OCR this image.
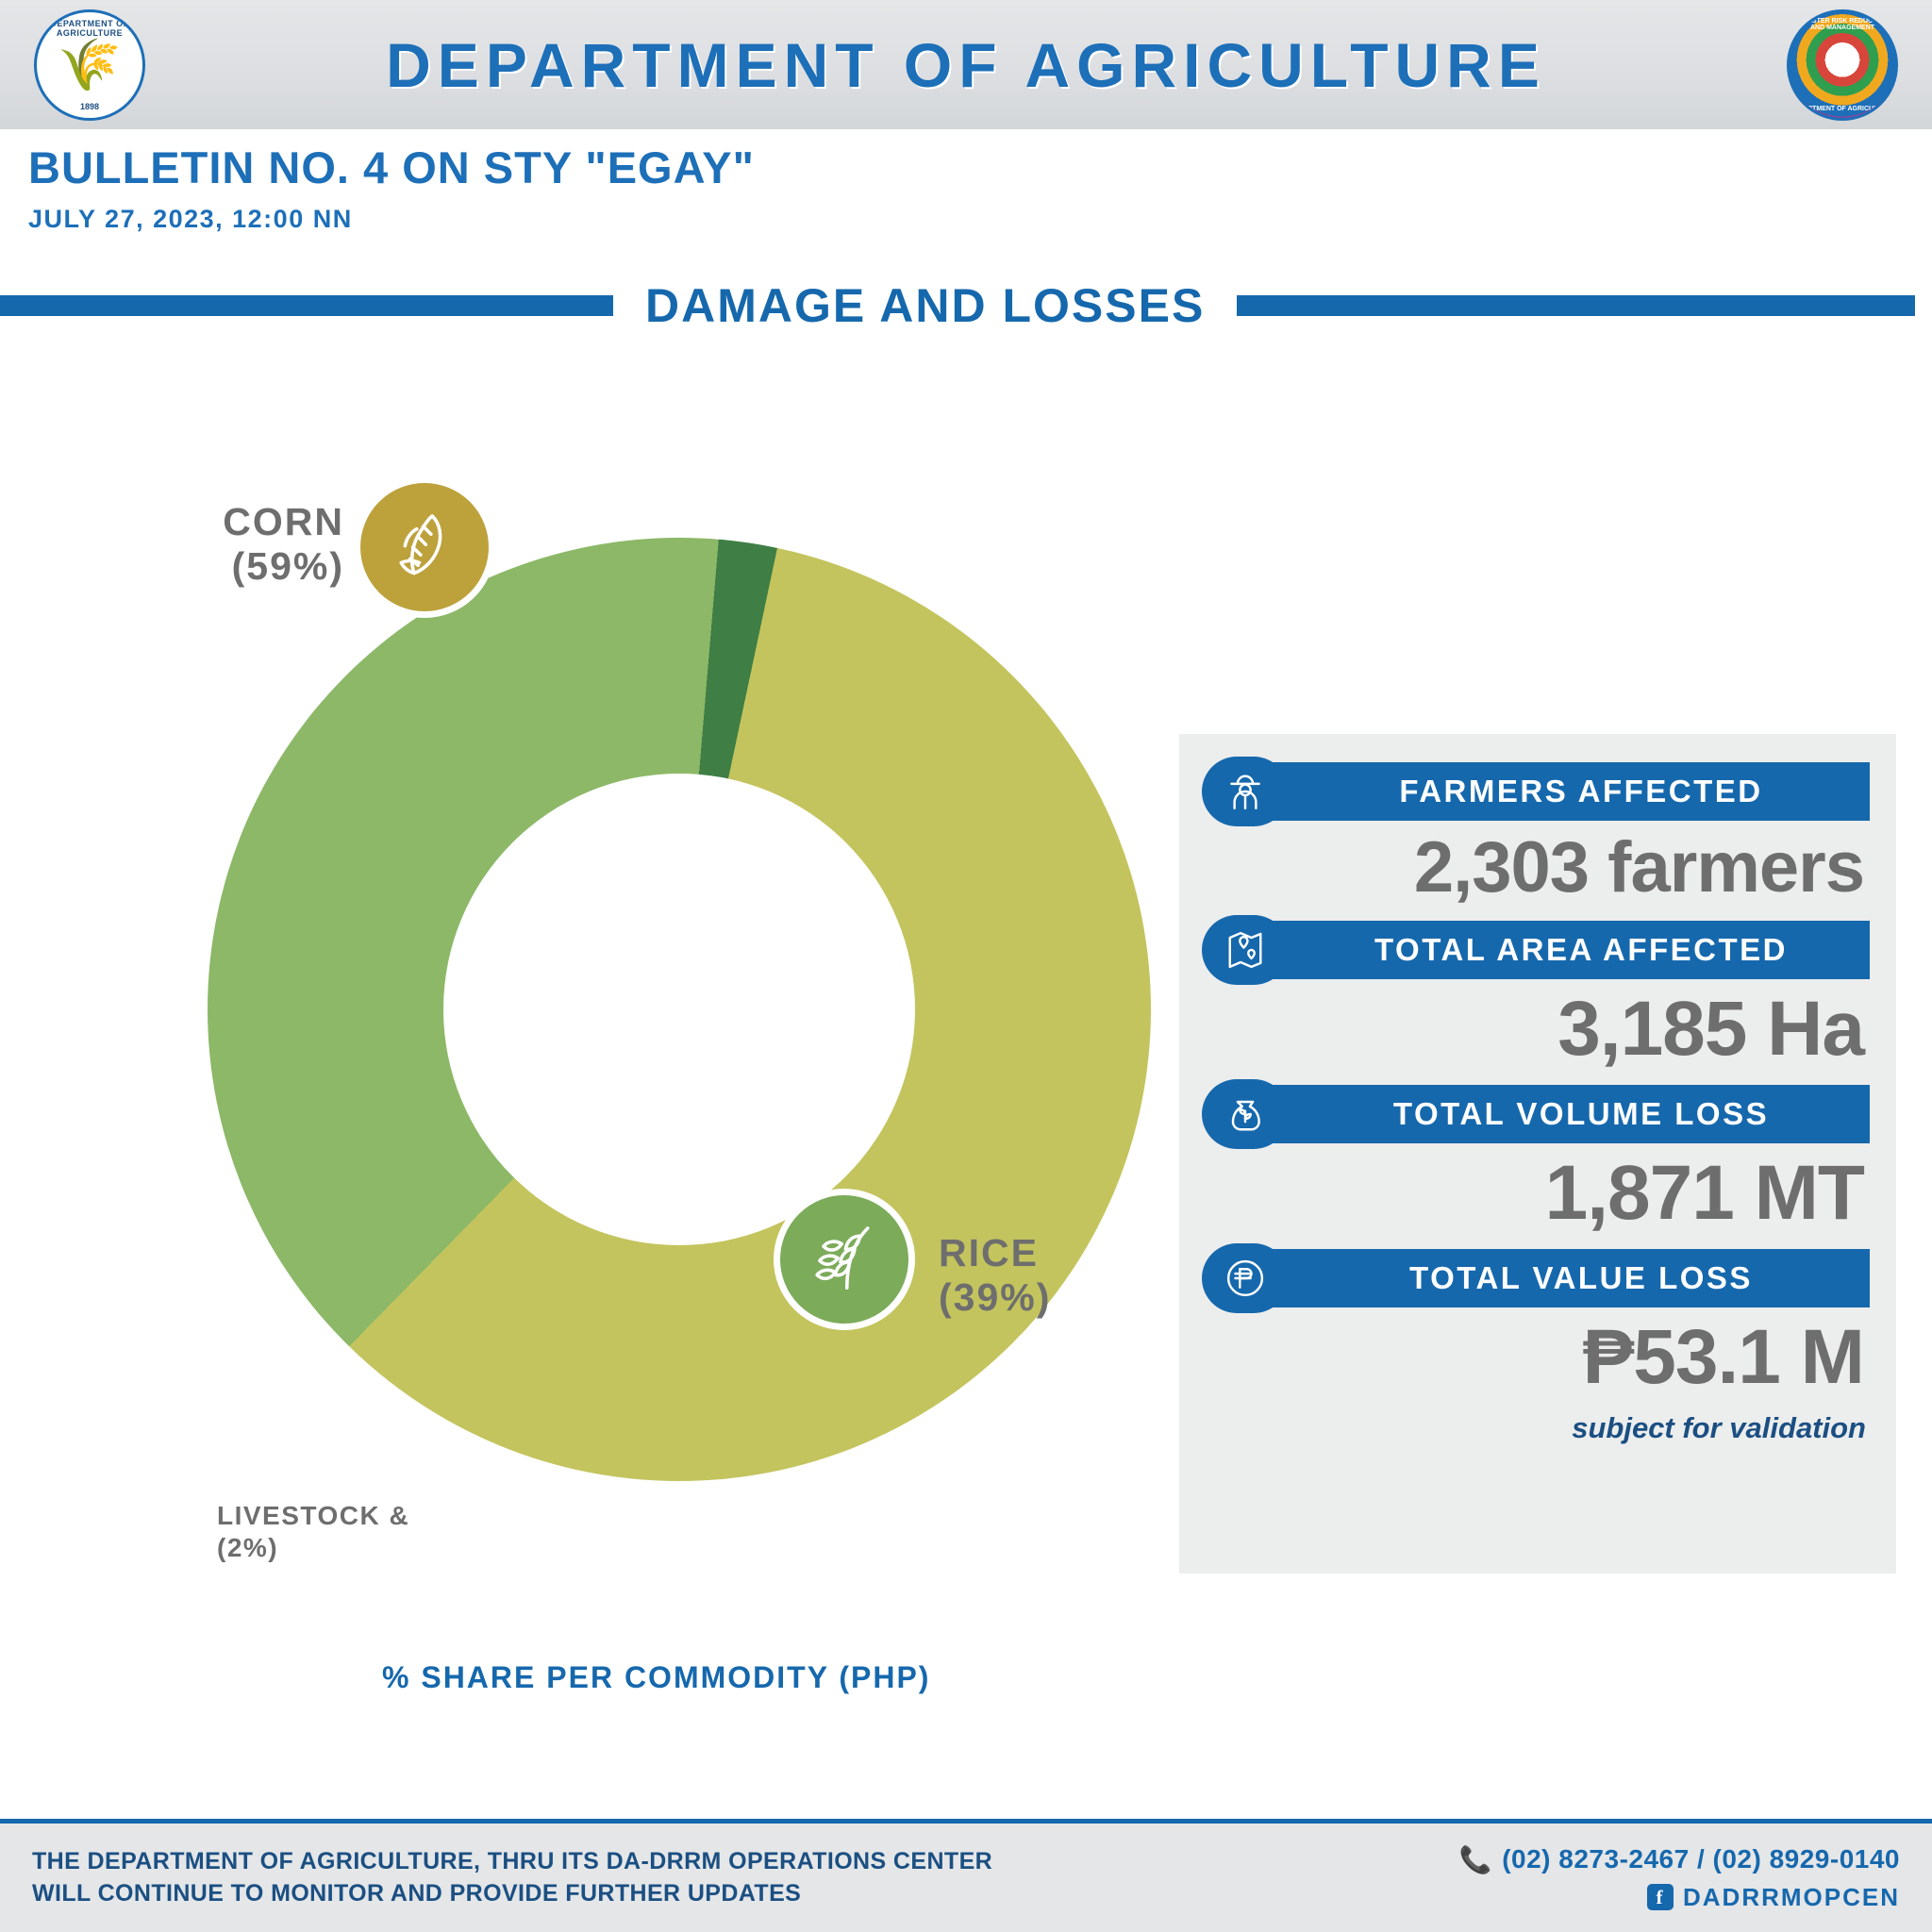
DEPARTMENT OF AGRICULTURE
🌾
1898
DEPARTMENT OF AGRICULTURE
DISASTER RISK REDUCTION AND MANAGEMENT
☸
DEPARTMENT OF AGRICULTURE
BULLETIN NO. 4 ON STY "EGAY"
JULY 27, 2023, 12:00 NN
DAMAGE AND LOSSES
CORN
(59%)
RICE
(39%)
LIVESTOCK &
(2%)
% SHARE PER COMMODITY (PHP)
FARMERS AFFECTED
2,303 farmers
TOTAL AREA AFFECTED
3,185 Ha
TOTAL VOLUME LOSS
1,871 MT
TOTAL VALUE LOSS
₱53.1 M
subject for validation
THE DEPARTMENT OF AGRICULTURE, THRU ITS DA-DRRM OPERATIONS CENTER
WILL CONTINUE TO MONITOR AND PROVIDE FURTHER UPDATES
📞 (02) 8273-2467 / (02) 8929-0140
f DADRRMOPCEN
